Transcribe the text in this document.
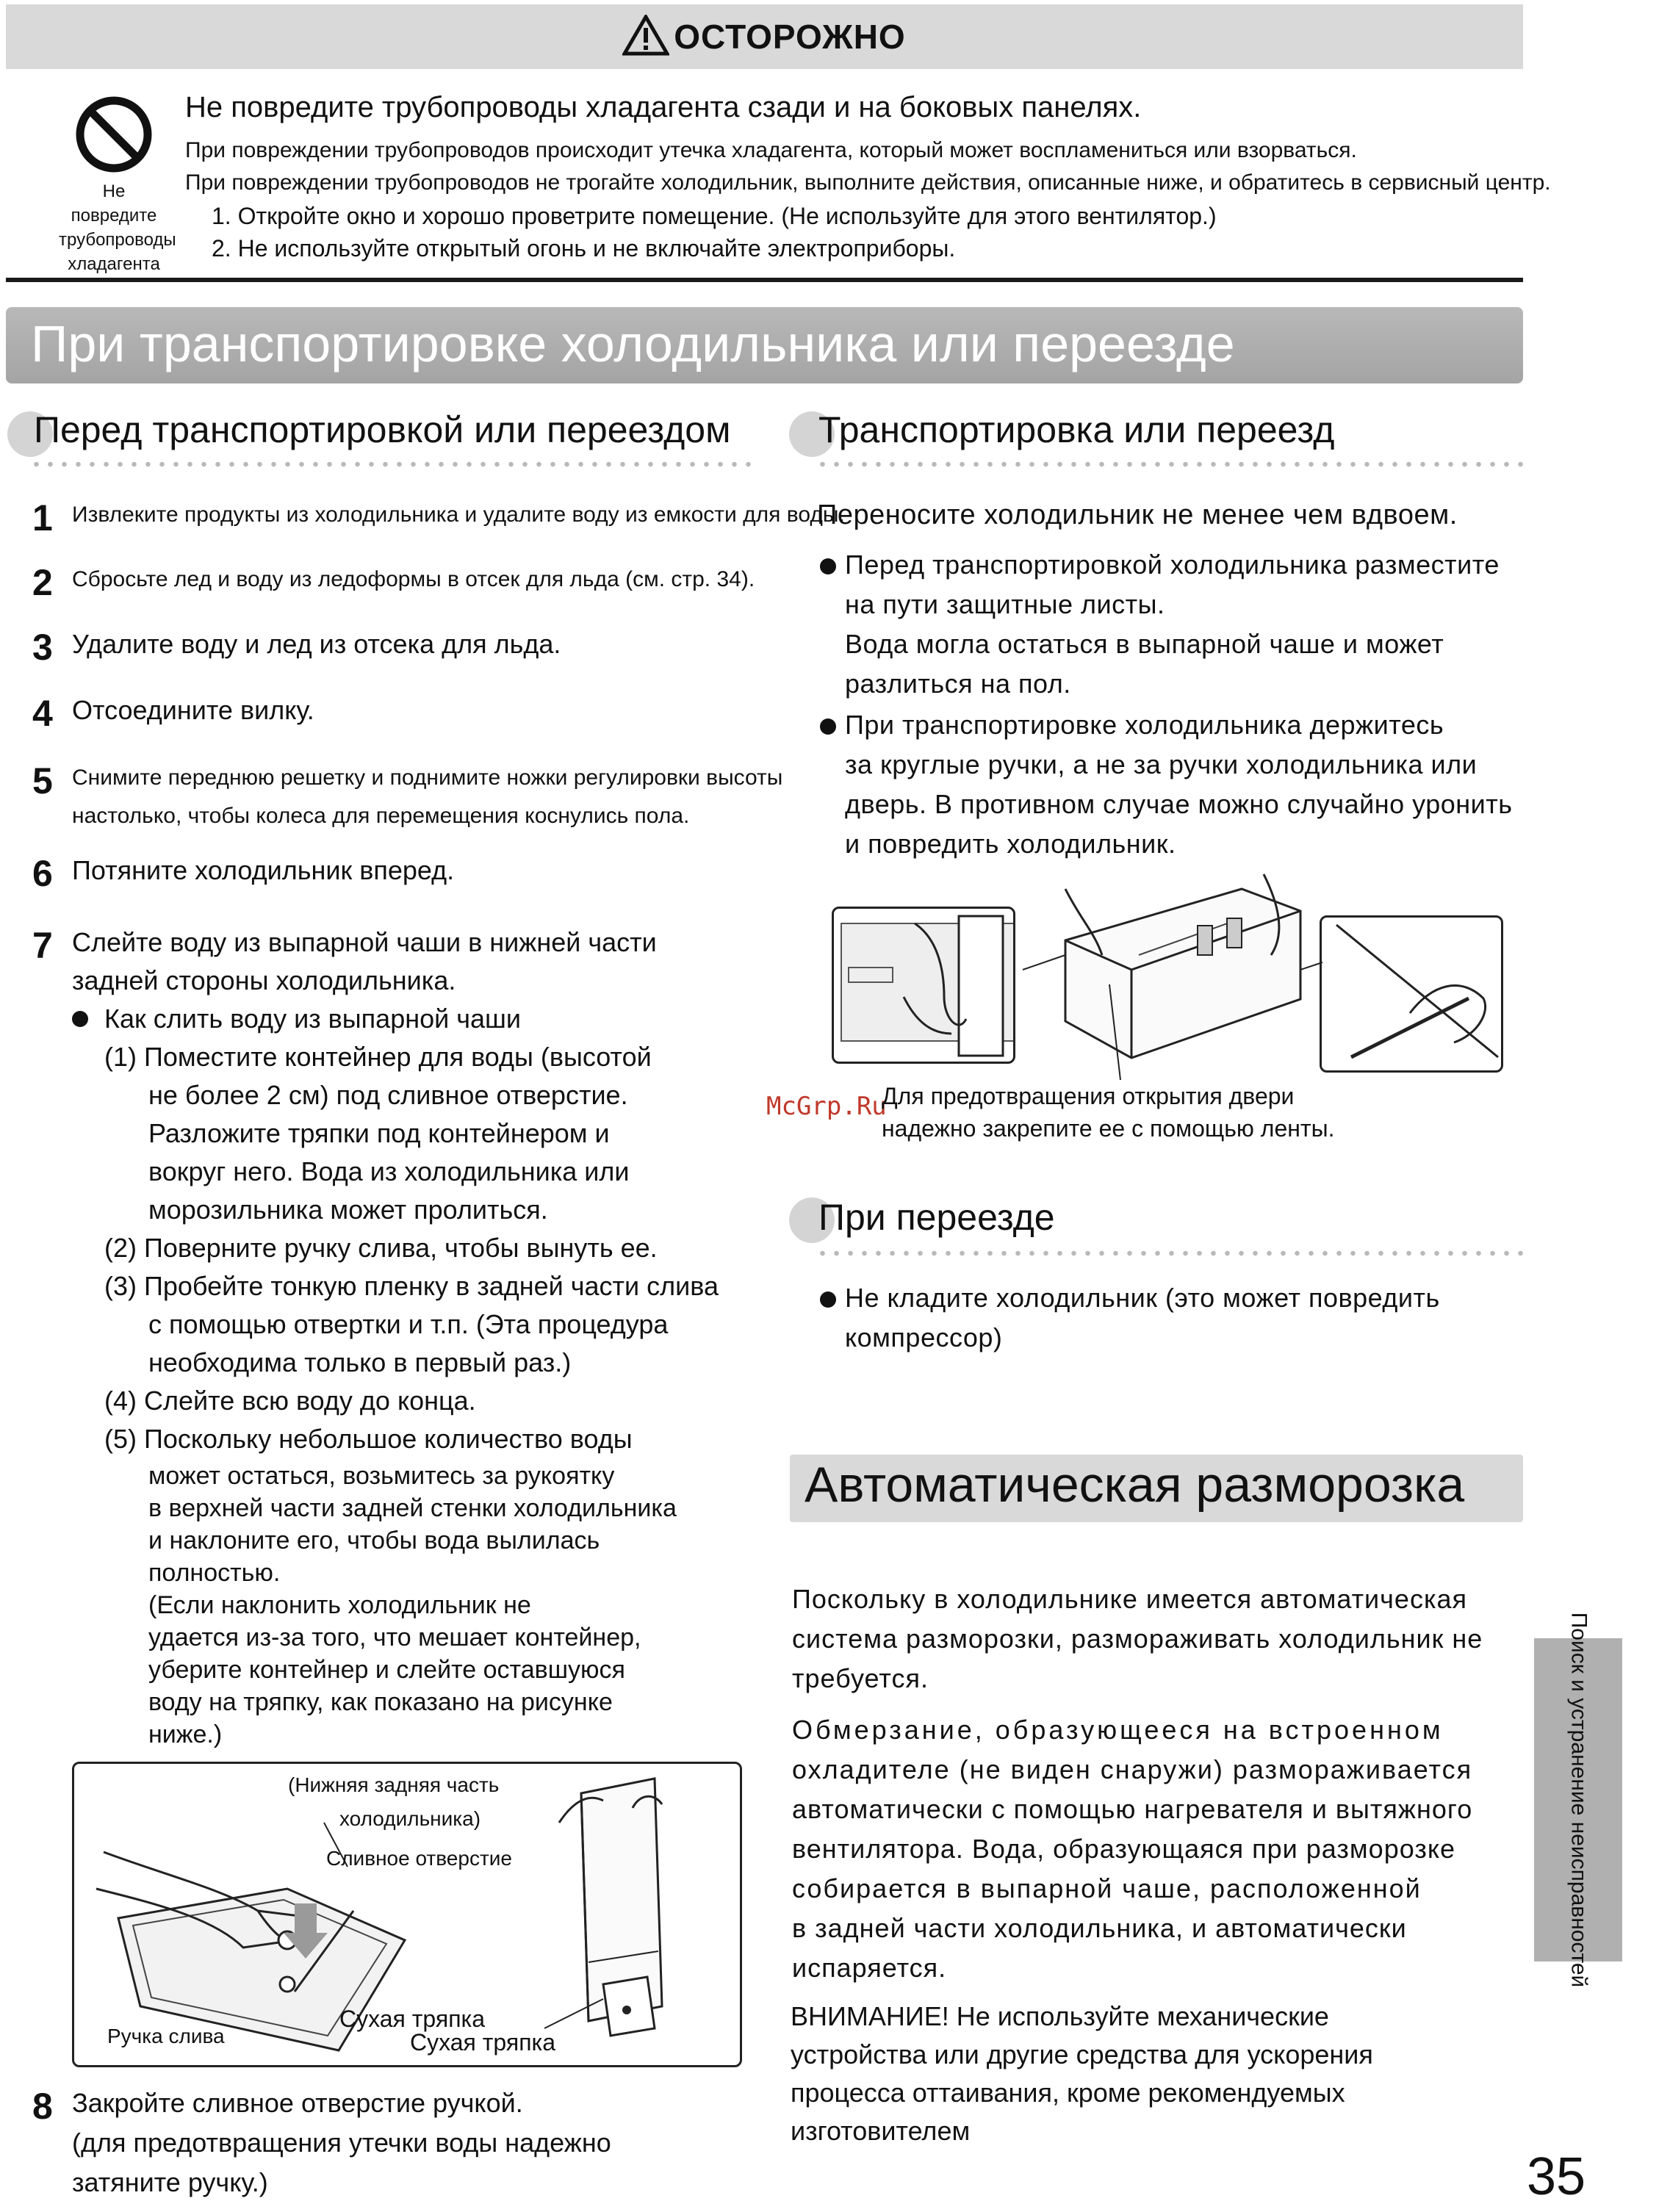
ОСТОРОЖНО
Не повредите трубопроводы хладагента
Не повредите трубопроводы хладагента сзади и на боковых панелях.
При повреждении трубопроводов происходит утечка хладагента, который может воспламениться или взорваться.
При повреждении трубопроводов не трогайте холодильник, выполните действия, описанные ниже, и обратитесь в сервисный центр.
1. Откройте окно и хорошо проветрите помещение. (Не используйте для этого вентилятор.)
2. Не используйте открытый огонь и не включайте электроприборы.
При транспортировке холодильника или переезде
Перед транспортировкой или переездом
1 Извлеките продукты из холодильника и удалите воду из емкости для воды.
2 Сбросьте лед и воду из ледоформы в отсек для льда (см. стр. 34).
3 Удалите воду и лед из отсека для льда.
4 Отсоедините вилку.
5 Снимите переднюю решетку и поднимите ножки регулировки высоты
настолько, чтобы колеса для перемещения коснулись пола.
6 Потяните холодильник вперед.
7 Слейте воду из выпарной чаши в нижней части
задней стороны холодильника.
Как слить воду из выпарной чаши
(1) Поместите контейнер для воды (высотой
не более 2 см) под сливное отверстие.
Разложите тряпки под контейнером и
вокруг него. Вода из холодильника или
морозильника может пролиться.
(2) Поверните ручку слива, чтобы вынуть ее.
(3) Пробейте тонкую пленку в задней части слива
с помощью отвертки и т.п. (Эта процедура
необходима только в первый раз.)
(4) Слейте всю воду до конца.
(5) Поскольку небольшое количество воды
может остаться, возьмитесь за рукоятку
в верхней части задней стенки холодильника
и наклоните его, чтобы вода вылилась
полностью.
(Если наклонить холодильник не
удается из-за того, что мешает контейнер,
уберите контейнер и слейте оставшуюся
воду на тряпку, как показано на рисунке
ниже.)
(Нижняя задняя часть
холодильника)
Сливное отверстие
Ручка слива
Сухая тряпка
Сухая тряпка
8 Закройте сливное отверстие ручкой.
(для предотвращения утечки воды надежно
затяните ручку.)
Транспортировка или переезд
Переносите холодильник не менее чем вдвоем.
Перед транспортировкой холодильника разместите
на пути защитные листы.
Вода могла остаться в выпарной чаше и может
разлиться на пол.
При транспортировке холодильника держитесь
за круглые ручки, а не за ручки холодильника или
дверь. В противном случае можно случайно уронить
и повредить холодильник.
McGrp.Ru
Для предотвращения открытия двери
надежно закрепите ее с помощью ленты.
При переезде
Не кладите холодильник (это может повредить
компрессор)
Автоматическая разморозка
Поскольку в холодильнике имеется автоматическая
система разморозки, размораживать холодильник не
требуется.
Обмерзание, образующееся на встроенном
охладителе (не виден снаружи) размораживается
автоматически с помощью нагревателя и вытяжного
вентилятора. Вода, образующаяся при разморозке
собирается в выпарной чаше, расположенной
в задней части холодильника, и автоматически
испаряется.
ВНИМАНИЕ! Не используйте механические
устройства или другие средства для ускорения
процесса оттаивания, кроме рекомендуемых
изготовителем
Поиск и устранение неисправностей
35
